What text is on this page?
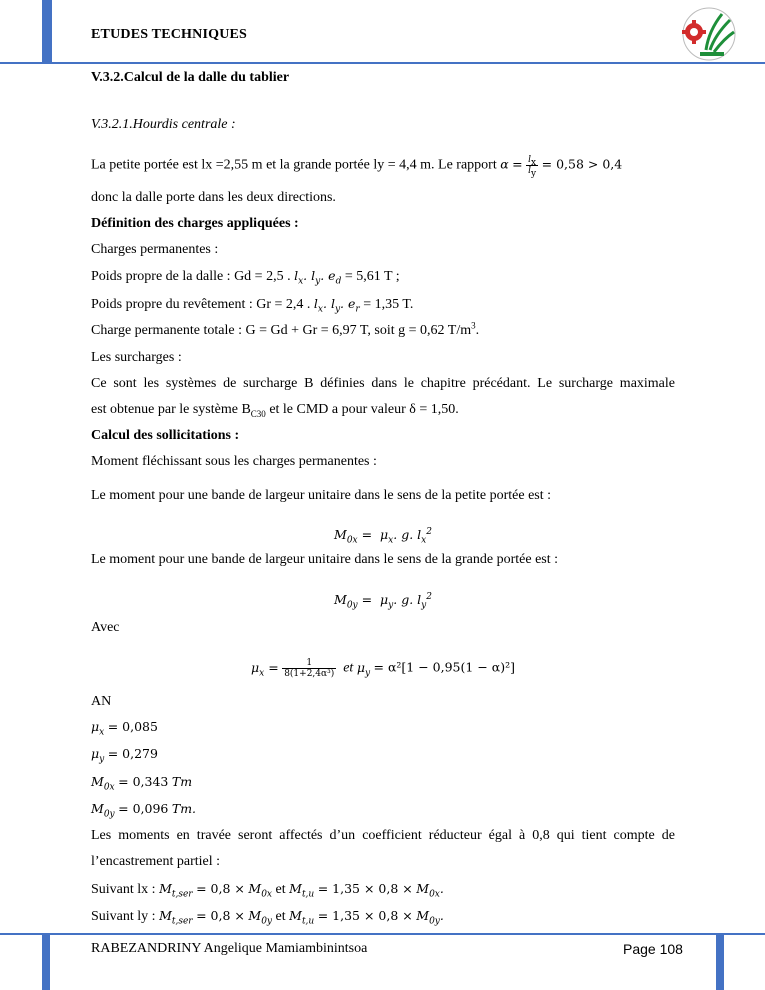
ETUDES TECHNIQUES
V.3.2.Calcul de la dalle du tablier
V.3.2.1.Hourdis centrale :
La petite portée est lx =2,55 m et la grande portée ly = 4,4 m. Le rapport $\alpha = \frac{l_x}{l_y} = 0,58 > 0,4$
donc la dalle porte dans les deux directions.
Définition des charges appliquées :
Charges permanentes :
Poids propre de la dalle : Gd = 2,5 . $l_x$. $l_y$. $e_d = 5,61$ T ;
Poids propre du revêtement : Gr = 2,4 . $l_x$. $l_y$. $e_r = 1,35$ T.
Charge permanente totale : G = Gd + Gr = 6,97 T, soit g = 0,62 $T/m^3$.
Les surcharges :
Ce sont les systèmes de surcharge B définies dans le chapitre précédant. Le surcharge maximale
est obtenue par le système $B_{C30}$ et le CMD a pour valeur δ = 1,50.
Calcul des sollicitations :
Moment fléchissant sous les charges permanentes :
Le moment pour une bande de largeur unitaire dans le sens de la petite portée est :
$M_{0x} = \mu_x$. g. $l_x^2$
Le moment pour une bande de largeur unitaire dans le sens de la grande portée est :
$M_{0y} = \mu_y$. g. $l_y^2$
Avec
$\mu_x = \frac{1}{\text{8(1+2,4α³)}}$ et $\mu_y = \alpha^2[1 - 0,95(1 - \alpha)^2]$
AN
$\mu_x = 0,085$
$\mu_y = 0,279$
$M_{0x} = 0,343$ Tm
$M_{0y} = 0,096$ Tm.
Les moments en travée seront affectés d’un coefficient réducteur égal à 0,8 qui tient compte de
l’encastrement partiel :
Suivant lx : $M_{t,ser} = 0,8 \times M_{0x}$ et $M_{t,u} = 1,35 \times 0,8 \times M_{0x}$.
Suivant ly : $M_{t,ser} = 0,8 \times M_{0y}$ et $M_{t,u} = 1,35 \times 0,8 \times M_{0y}$.
RABEZANDRINY Angelique Mamiambinintsoa	Page 108
